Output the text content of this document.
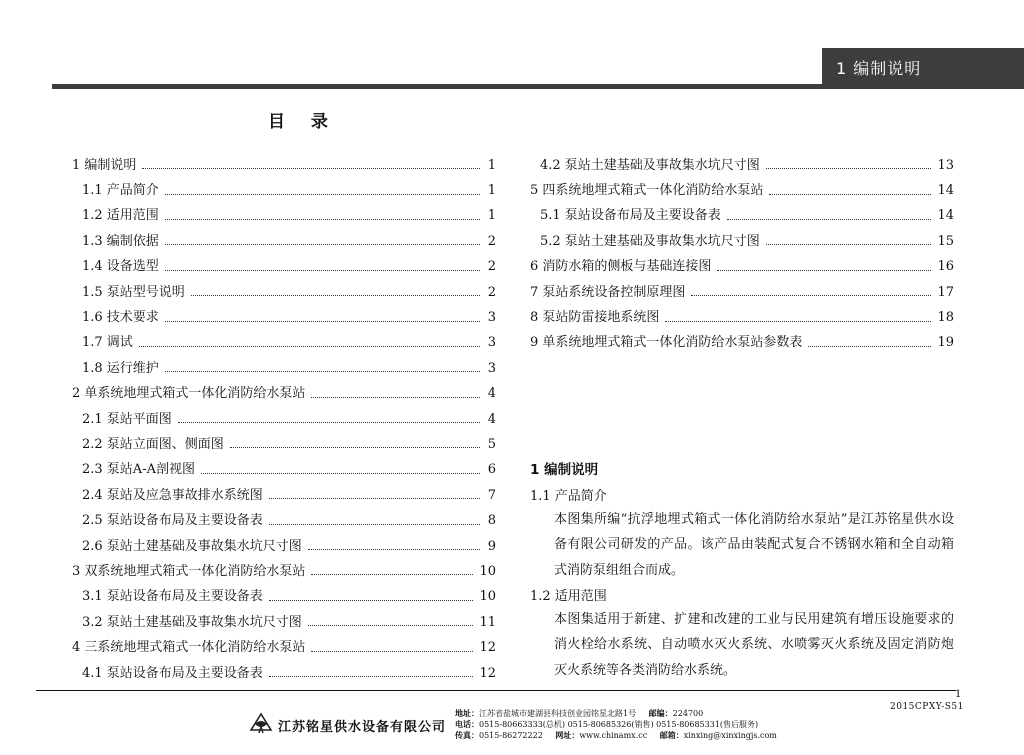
1 编制说明
目 录
1 编制说明	1
1.1 产品简介	1
1.2 适用范围	1
1.3 编制依据	2
1.4 设备选型	2
1.5 泵站型号说明	2
1.6 技术要求	3
1.7 调试	3
1.8 运行维护	3
2 单系统地埋式箱式一体化消防给水泵站	4
2.1 泵站平面图	4
2.2 泵站立面图、侧面图	5
2.3 泵站A-A剖视图	6
2.4 泵站及应急事故排水系统图	7
2.5 泵站设备布局及主要设备表	8
2.6 泵站土建基础及事故集水坑尺寸图	9
3 双系统地埋式箱式一体化消防给水泵站	10
3.1 泵站设备布局及主要设备表	10
3.2 泵站土建基础及事故集水坑尺寸图	11
4 三系统地埋式箱式一体化消防给水泵站	12
4.1 泵站设备布局及主要设备表	12
4.2 泵站土建基础及事故集水坑尺寸图	13
5 四系统地埋式箱式一体化消防给水泵站	14
5.1 泵站设备布局及主要设备表	14
5.2 泵站土建基础及事故集水坑尺寸图	15
6 消防水箱的侧板与基础连接图	16
7 泵站系统设备控制原理图	17
8 泵站防雷接地系统图	18
9 单系统地埋式箱式一体化消防给水泵站参数表	19
1 编制说明
1.1 产品简介
本图集所编“抗浮地埋式箱式一体化消防给水泵站”是江苏铭星供水设备有限公司研发的产品。该产品由装配式复合不锈钢水箱和全自动箱式消防泵组组合而成。
1.2 适用范围
本图集适用于新建、扩建和改建的工业与民用建筑有增压设施要求的消火栓给水系统、自动喷水灭火系统、水喷雾灭火系统及固定消防炮灭火系统等各类消防给水系统。
1
2015CPXY-S51
江苏铭星供水设备有限公司
地址：江苏省盐城市建湖县科技创业园铭星北路1号 邮编：224700
电话：0515-80663333(总机) 0515-80685326(销售) 0515-80685331(售后服务)
传真：0515-86272222 网址：www.chinamx.cc 邮箱：xinxing@xinxingjs.com
